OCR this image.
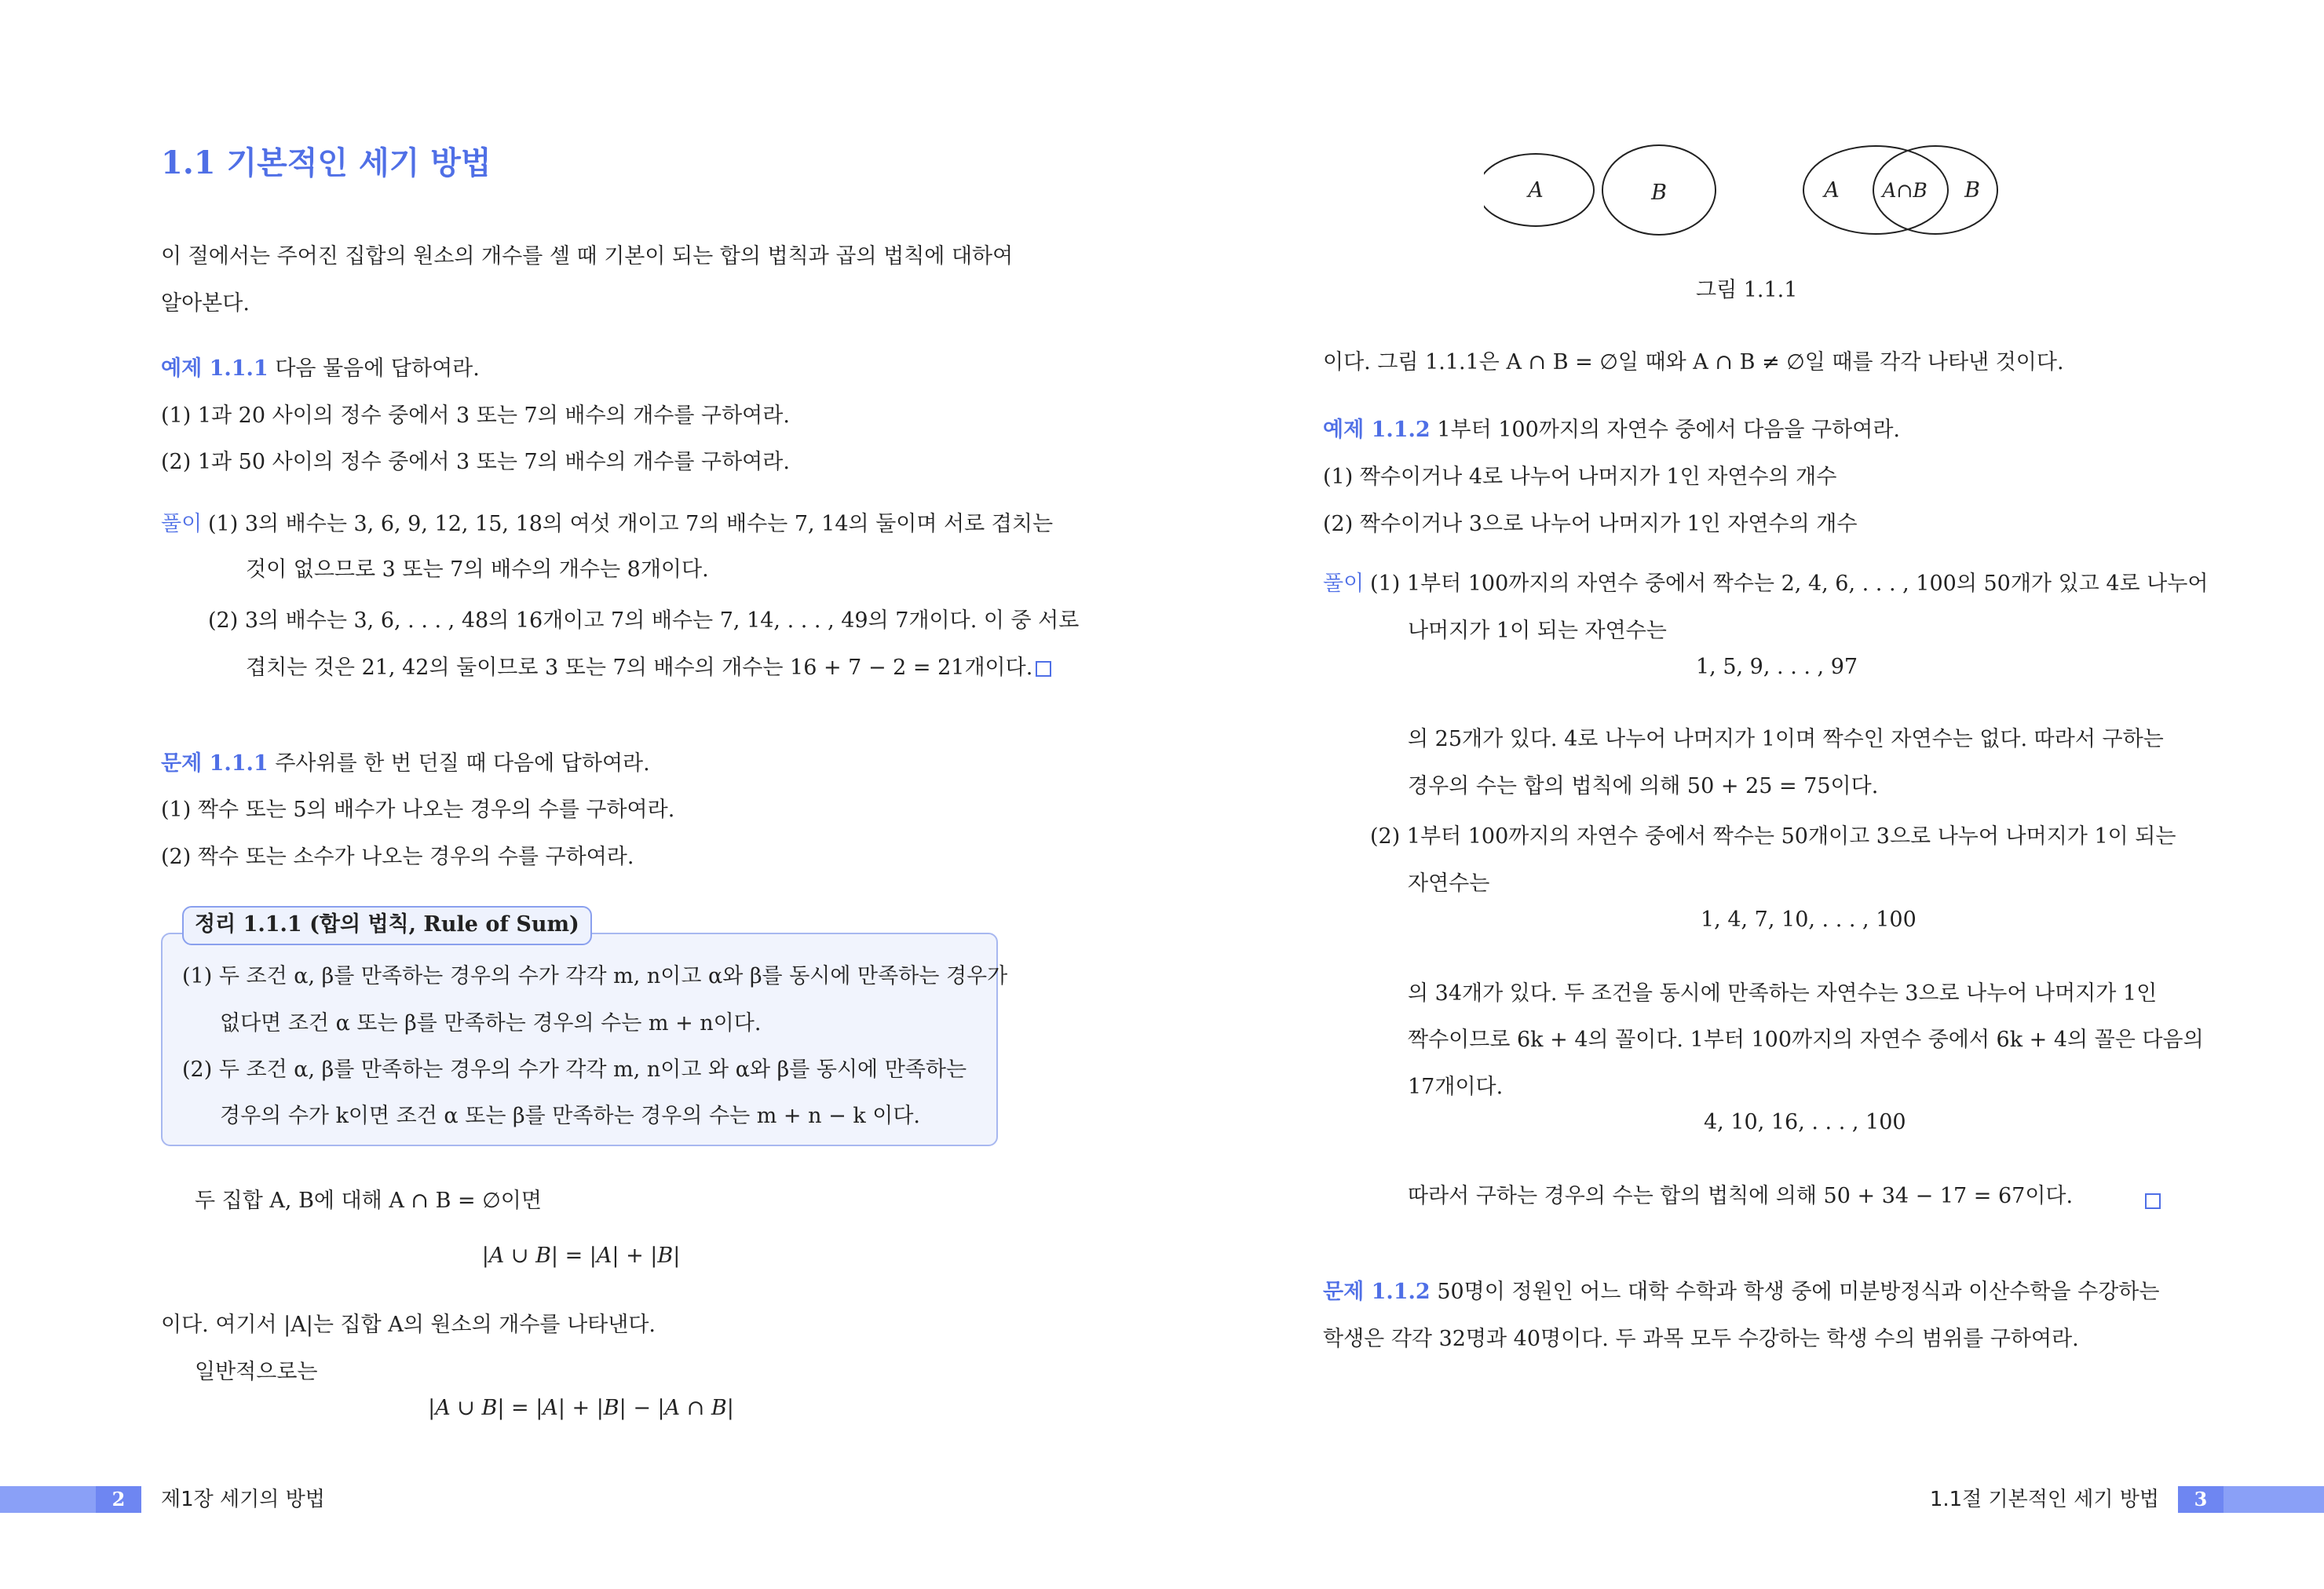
1.1 기본적인 세기 방법
이 절에서는 주어진 집합의 원소의 개수를 셀 때 기본이 되는 합의 법칙과 곱의 법칙에 대하여
알아본다.
예제 1.1.1 다음 물음에 답하여라.
(1) 1과 20 사이의 정수 중에서 3 또는 7의 배수의 개수를 구하여라.
(2) 1과 50 사이의 정수 중에서 3 또는 7의 배수의 개수를 구하여라.
풀이 (1) 3의 배수는 3, 6, 9, 12, 15, 18의 여섯 개이고 7의 배수는 7, 14의 둘이며 서로 겹치는
것이 없으므로 3 또는 7의 배수의 개수는 8개이다.
(2) 3의 배수는 3, 6, . . . , 48의 16개이고 7의 배수는 7, 14, . . . , 49의 7개이다. 이 중 서로
겹치는 것은 21, 42의 둘이므로 3 또는 7의 배수의 개수는 16 + 7 − 2 = 21개이다.
문제 1.1.1 주사위를 한 번 던질 때 다음에 답하여라.
(1) 짝수 또는 5의 배수가 나오는 경우의 수를 구하여라.
(2) 짝수 또는 소수가 나오는 경우의 수를 구하여라.
정리 1.1.1 (합의 법칙, Rule of Sum)
(1) 두 조건 α, β를 만족하는 경우의 수가 각각 m, n이고 α와 β를 동시에 만족하는 경우가
없다면 조건 α 또는 β를 만족하는 경우의 수는 m + n이다.
(2) 두 조건 α, β를 만족하는 경우의 수가 각각 m, n이고 와 α와 β를 동시에 만족하는
경우의 수가 k이면 조건 α 또는 β를 만족하는 경우의 수는 m + n − k 이다.
두 집합 A, B에 대해 A ∩ B = ∅이면
|A ∪ B| = |A| + |B|
이다. 여기서 |A|는 집합 A의 원소의 개수를 나타낸다.
일반적으로는
|A ∪ B| = |A| + |B| − |A ∩ B|
2	제1장 세기의 방법
A	B	A A∩B B
그림 1.1.1
이다. 그림 1.1.1은 A ∩ B = ∅일 때와 A ∩ B ≠ ∅일 때를 각각 나타낸 것이다.
예제 1.1.2 1부터 100까지의 자연수 중에서 다음을 구하여라.
(1) 짝수이거나 4로 나누어 나머지가 1인 자연수의 개수
(2) 짝수이거나 3으로 나누어 나머지가 1인 자연수의 개수
풀이 (1) 1부터 100까지의 자연수 중에서 짝수는 2, 4, 6, . . . , 100의 50개가 있고 4로 나누어
나머지가 1이 되는 자연수는
1, 5, 9, . . . , 97
의 25개가 있다. 4로 나누어 나머지가 1이며 짝수인 자연수는 없다. 따라서 구하는
경우의 수는 합의 법칙에 의해 50 + 25 = 75이다.
(2) 1부터 100까지의 자연수 중에서 짝수는 50개이고 3으로 나누어 나머지가 1이 되는
자연수는
1, 4, 7, 10, . . . , 100
의 34개가 있다. 두 조건을 동시에 만족하는 자연수는 3으로 나누어 나머지가 1인
짝수이므로 6k + 4의 꼴이다. 1부터 100까지의 자연수 중에서 6k + 4의 꼴은 다음의
17개이다.
4, 10, 16, . . . , 100
따라서 구하는 경우의 수는 합의 법칙에 의해 50 + 34 − 17 = 67이다.
문제 1.1.2 50명이 정원인 어느 대학 수학과 학생 중에 미분방정식과 이산수학을 수강하는
학생은 각각 32명과 40명이다. 두 과목 모두 수강하는 학생 수의 범위를 구하여라.
3
1.1절 기본적인 세기 방법
